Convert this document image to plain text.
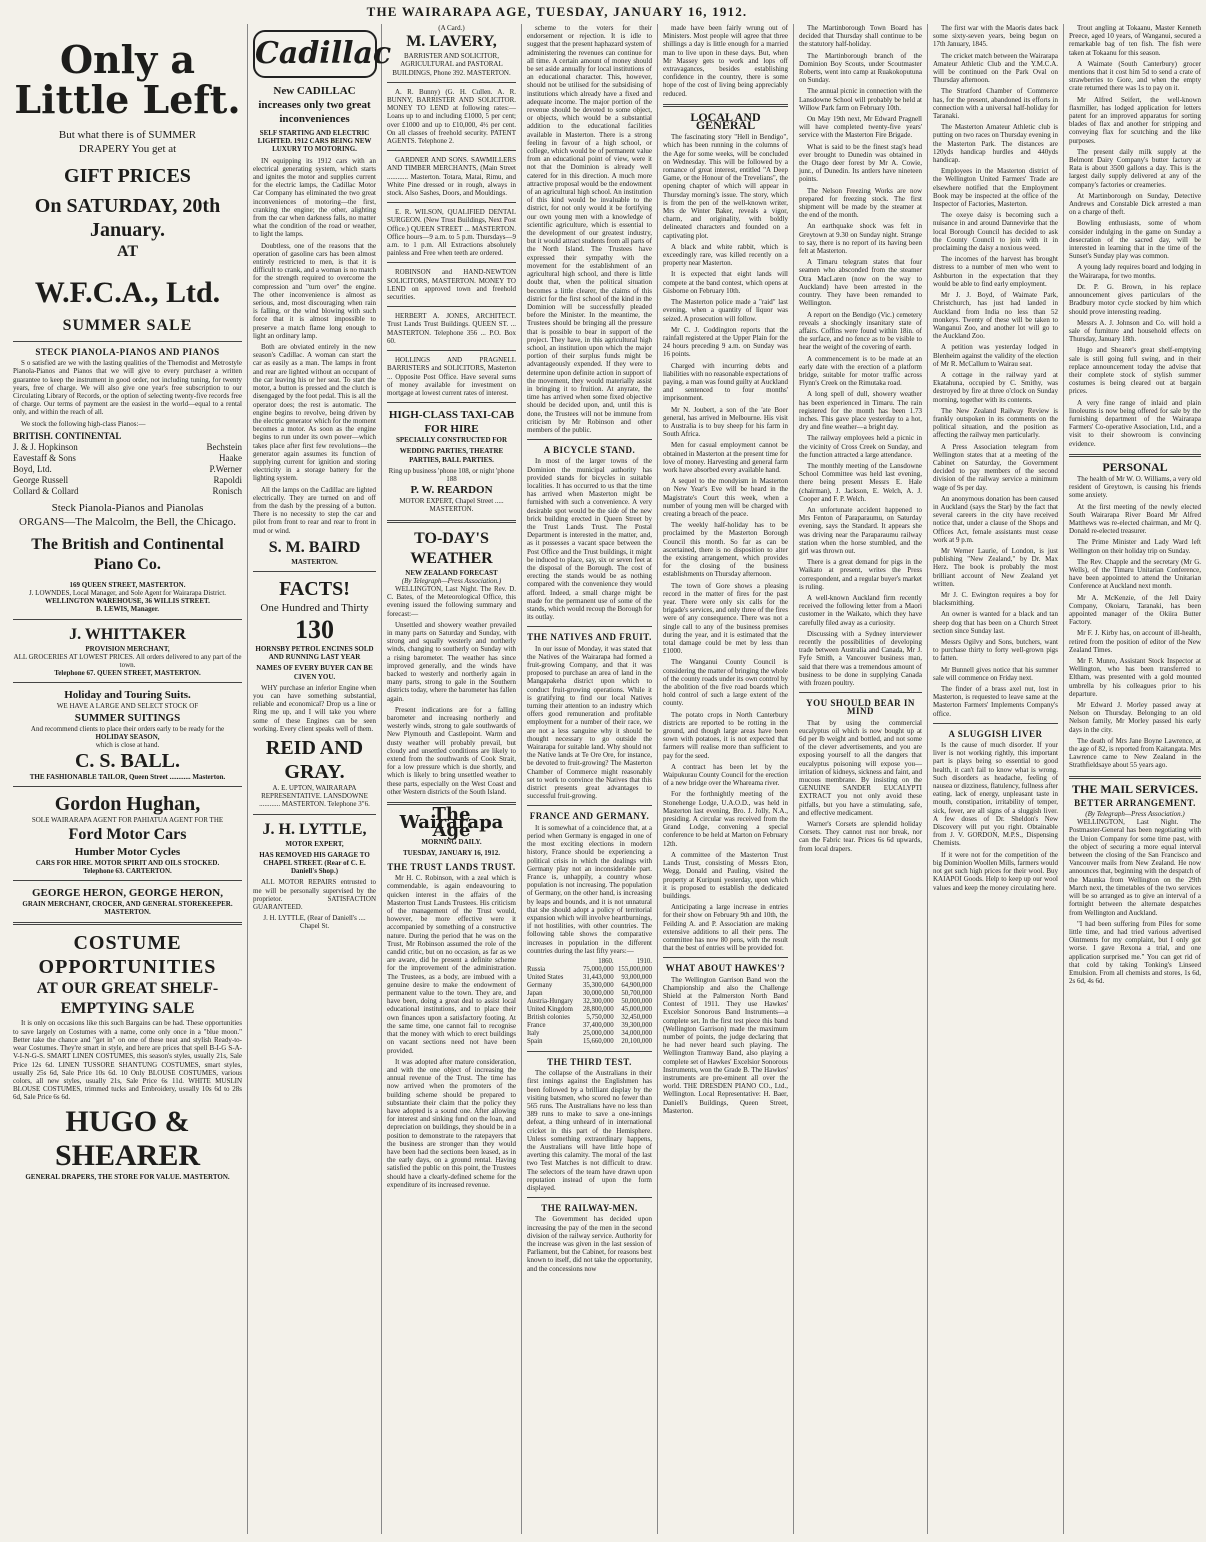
THE WAIRARAPA AGE, TUESDAY, JANUARY 16, 1912.
Only a Little Left.
But what there is of SUMMER
DRAPERY You get at
GIFT PRICES
On SATURDAY, 20th January.
AT
W.F.C.A., Ltd.
SUMMER SALE
STECK PIANOLA-PIANOS AND PIANOS

S o satisfied are we with the lasting qualities of the Themodist and Metrostyle Pianola-Pianos and Pianos that we will give to every purchaser a written guarantee to keep the instrument in good order, not including tuning, for twenty years, free of charge. We will also give one year's free subscription to our Circulating Library of Records, or the option of selecting twenty-five records free of charge. Our terms of payment are the easiest in the world—equal to a rental only, and within the reach of all.

We stock the following high-class Pianos:—

BRITISH. CONTINENTAL
J. & J. Hopkinson	Bechstein
Eavestaff & Sons	Haake
Boyd, Ltd.	P.Werner
George Russell	Rapoldi
Collard & Collard	Ronisch
Steck Pianola-Pianos and Pianolas
ORGANS—The Malcolm, the Bell, the Chicago.
The British and Continental Piano Co.
169 QUEEN STREET, MASTERTON.
J. LOWNDES, Local Manager, and Sole Agent for Wairarapa District.
WELLINGTON WAREHOUSE, 36 WILLIS STREET.
B. LEWIS, Manager.
J. WHITTAKER
PROVISION MERCHANT,
ALL GROCERIES AT LOWEST PRICES. All orders delivered to any part of the town.
Telephone 67. QUEEN STREET, MASTERTON.
Holiday and Touring Suits.
WE HAVE A LARGE AND SELECT STOCK OF
SUMMER SUITINGS
And recommend clients to place their orders early to be ready for the
HOLIDAY SEASON,
which is close at hand.
C. S. BALL.
THE FASHIONABLE TAILOR, Queen Street ............ Masterton.
Gordon Hughan,
SOLE WAIRARAPA AGENT FOR PAHIATUA AGENT FOR THE
Ford Motor Cars
Humber Motor Cycles
CARS FOR HIRE. MOTOR SPIRIT AND OILS STOCKED.
Telephone 63. CARTERTON.
GEORGE HERON, GEORGE HERON,
GRAIN MERCHANT, CROCER, AND GENERAL STOREKEEPER.
MASTERTON.
COSTUME OPPORTUNITIES
AT OUR GREAT SHELF-EMPTYING SALE

It is only on occasions like this such Bargains can be had. These opportunities to save largely on Costumes with a name, come only once in a "blue moon." Better take the chance and "get in" on one of these neat and stylish Ready-to-wear Costumes. They're smart in style, and here are prices that spell B-I-G S-A-V-I-N-G-S. SMART LINEN COSTUMES, this season's styles, usually 21s, Sale Price 12s 6d. LINEN TUSSORE SHANTUNG COSTUMES, smart styles, usually 25s 6d, Sale Price 10s 6d. 10 Only BLOUSE COSTUMES, various colors, all new styles, usually 21s, Sale Price 6s 11d. WHITE MUSLIN BLOUSE COSTUMES, trimmed tucks and Embroidery, usually 10s 6d to 28s 6d, Sale Price 6s 6d.

HUGO & SHEARER
GENERAL DRAPERS, THE STORE FOR VALUE. MASTERTON.
Cadillac
New CADILLAC increases only two great inconveniences
SELF STARTING AND ELECTRIC LIGHTED. 1912 CARS BEING NEW LUXURY TO MOTORING.

IN equipping its 1912 cars with an electrical generating system, which starts and ignites the motor and supplies current for the electric lamps, the Cadillac Motor Car Company has eliminated the two great inconveniences of motoring—the first, cranking the engine; the other, alighting from the car when darkness falls, no matter what the condition of the road or weather, to light the lamps.

Doubtless, one of the reasons that the operation of gasoline cars has been almost entirely restricted to men, is that it is difficult to crank, and a woman is no match for the strength required to overcome the compression and "turn over" the engine. The other inconvenience is almost as serious, and, most discouraging when rain is falling, or the wind blowing with such force that it is almost impossible to preserve a match flame long enough to light an ordinary lamp.

Both are obviated entirely in the new season's Cadillac. A woman can start the car as easily as a man. The lamps in front and rear are lighted without an occupant of the car leaving his or her seat. To start the motor, a button is pressed and the clutch is disengaged by the foot pedal. This is all the operator does; the rest is automatic. The engine begins to revolve, being driven by the electric generator which for the moment becomes a motor. As soon as the engine begins to run under its own power—which takes place after first few revolutions—the generator again assumes its function of supplying current for ignition and storing electricity in a storage battery for the lighting system.

All the lamps on the Cadillac are lighted electrically. They are turned on and off from the dash by the pressing of a button. There is no necessity to step the car and pilot from front to rear and rear to front in mud or wind.

S. M. BAIRD
MASTERTON.
FACTS!
One Hundred and Thirty
130
HORNSBY PETROL ENCINES SOLD AND RUNNING LAST YEAR
NAMES OF EVERY BUYER CAN BE CIVEN YOU.

WHY purchase an inferior Engine when you can have something substantial, reliable and economical? Drop us a line or Ring me up, and I will take you where some of these Engines can be seen working. Every client speaks well of them.

REID AND GRAY.
A. E. UPTON, WAIRARAPA REPRESENTATIVE. LANSDOWNE ............ MASTERTON. Telephone 3"6.
J. H. LYTTLE,
MOTOR EXPERT,
HAS REMOVED HIS GARAGE TO CHAPEL STREET. (Rear of C. E. Daniell's Shop.)

ALL MOTOR REPAIRS entrusted to me will be personally supervised by the proprietor. SATISFACTION GUARANTEED.

J. H. LYTTLE, (Rear of Daniell's .... Chapel St.
(A Card.)
M. LAVERY,
BARRISTER AND SOLICITOR, AGRICULTURAL and PASTORAL BUILDINGS, Phone 392. MASTERTON.

A. R. Bunny) (G. H. Cullen. A. R. BUNNY, BARRISTER AND SOLICITOR. MONEY TO LEND at following rates:—Loans up to and including £1000, 5 per cent; over £1000 and up to £10,000, 4½ per cent. On all classes of freehold security. PATENT AGENTS. Telephone 2.

GARDNER AND SONS. SAWMILLERS AND TIMBER MERCHANTS, (Main Street ............ Masterton. Totara, Matai, Rimu, and White Pine dressed or in rough, always in stock. Also Sashes, Doors, and Mouldings.

E. R. WILSON, QUALIFIED DENTAL SURGEON. (New Trust Buildings, Next Post Office.) QUEEN STREET ... MASTERTON. Office hours—9 a.m. to 5 p.m. Thursdays—9 a.m. to 1 p.m. All Extractions absolutely painless and Free when teeth are ordered.

ROBINSON and HAND-NEWTON SOLICITORS, MASTERTON. MONEY TO LEND on approved town and freehold securities.

HERBERT A. JONES, ARCHITECT. Trust Lands Trust Buildings. QUEEN ST. ... MASTERTON. Telephone 356 ... P.O. Box 60.

HOLLINGS AND PRAGNELL BARRISTERS and SOLICITORS, Masterton ... Opposite Post Office. Have several sums of money available for investment on mortgage at lowest current rates of interest.

HIGH-CLASS TAXI-CAB FOR HIRE
SPECIALLY CONSTRUCTED FOR
WEDDING PARTIES, THEATRE PARTIES, BALL PARTIES.
Ring up business 'phone 108, or night 'phone 188
P. W. REARDON
MOTOR EXPERT, Chapel Street ..... MASTERTON.
TO-DAY'S WEATHER
NEW ZEALAND FORECAST
(By Telegraph—Press Association.)

WELLINGTON, Last Night. The Rev. D. C. Bates, of the Meteorological Office, this evening issued the following summary and forecast:—

Unsettled and showery weather prevailed in many parts on Saturday and Sunday, with strong and squally westerly and northerly winds, changing to southerly on Sunday with a rising barometer. The weather has since improved generally, and the winds have backed to westerly and northerly again in many parts, strong to gale in the Southern districts today, where the barometer has fallen again.

Present indications are for a falling barometer and increasing northerly and westerly winds, strong to gale southwards of New Plymouth and Castlepoint. Warm and dusty weather will probably prevail, but cloudy and unsettled conditions are likely to extend from the southwards of Cook Strait, for a low pressure which is due shortly, and which is likely to bring unsettled weather to these parts, especially on the West Coast and other Western districts of the South Island.

The Wairarapa Age
MORNING DAILY.
TUESDAY, JANUARY 16, 1912.
THE TRUST LANDS TRUST.

Mr H. C. Robinson, with a zeal which is commendable, is again endeavouring to quicken interest in the affairs of the Masterton Trust Lands Trustees. His criticism of the management of the Trust would, however, be more effective were it accompanied by something of a constructive nature. During the period that he was on the Trust, Mr Robinson assumed the role of the candid critic, but on no occasion, as far as we are aware, did he present a definite scheme for the improvement of the administration. The Trustees, as a body, are imbued with a genuine desire to make the endowment of permanent value to the town. They are, and have been, doing a great deal to assist local educational institutions, and to place their own finances upon a satisfactory footing. At the same time, one cannot fail to recognise that the money with which to erect buildings on vacant sections need not have been provided.

It was adopted after mature consideration, and with the one object of increasing the annual revenue of the Trust. The time has now arrived when the promoters of the building scheme should be prepared to substantiate their claim that the policy they have adopted is a sound one. After allowing for interest and sinking fund on the loan, and depreciation on buildings, they should be in a position to demonstrate to the ratepayers that the business are stronger than they would have been had the sections been leased, as in the early days, on a ground rental. Having satisfied the public on this point, the Trustees should have a clearly-defined scheme for the expenditure of its increased revenue.

scheme to the voters for their endorsement or rejection. It is idle to suggest that the present haphazard system of administering the revenues can continue for all time. A certain amount of money should be set aside annually for local institutions of an educational character. This, however, should not be utilised for the subsidising of institutions which already have a fixed and adequate income. The major portion of the revenue should be devoted to some object, or objects, which would be a substantial addition to the educational facilities available in Masterton. There is a strong feeling in favour of a high school, or college, which would be of permanent value from an educational point of view, were it not that the Dominion is already well catered for in this direction. A much more attractive proposal would be the endowment of an agricultural high school. An institution of this kind would be invaluable to the district, for not only would it be fortifying our own young men with a knowledge of scientific agriculture, which is essential to the development of our greatest industry, but it would attract students from all parts of the North Island. The Trustees have expressed their sympathy with the movement for the establishment of an agricultural high school, and there is little doubt that, when the political situation becomes a little clearer, the claims of this district for the first school of the kind in the Dominion will be successfully pleaded before the Minister. In the meantime, the Trustees should be bringing all the pressure that is possible to bear in support of the project. They have, in this agricultural high school, an institution upon which the major portion of their surplus funds might be advantageously expended. If they were to determine upon definite action in support of the movement, they would materially assist in bringing it to fruition. At anyrate, the time has arrived when some fixed objective should be decided upon, and, until this is done, the Trustees will not be immune from criticism by Mr Robinson and other members of the public.

A BICYCLE STAND.

In most of the larger towns of the Dominion the municipal authority has provided stands for bicycles in suitable localities. It has occurred to us that the time has arrived when Masterton might be furnished with such a convenience. A very desirable spot would be the side of the new brick building erected in Queen Street by the Trust Lands Trust. The Postal Department is interested in the matter, and, as it possesses a vacant space between the Post Office and the Trust buildings, it might be induced to place, say, six or seven feet at the disposal of the Borough. The cost of erecting the stands would be as nothing compared with the convenience they would afford. Indeed, a small charge might be made for the permanent use of some of the stands, which would recoup the Borough for its outlay.

THE NATIVES AND FRUIT.

In our issue of Monday, it was stated that the Natives of the Wairarapa had formed a fruit-growing Company, and that it was proposed to purchase an area of land in the Mangapakeha district upon which to conduct fruit-growing operations. While it is gratifying to find our local Natives turning their attention to an industry which offers good remuneration and profitable employment for a number of their race, we are not a less sanguine why it should be thought necessary to go outside the Wairarapa for suitable land. Why should not the Native lands at Te Ore Ore, for instance, be devoted to fruit-growing? The Masterton Chamber of Commerce might reasonably set to work to convince the Natives that this district presents great advantages to successful fruit-growing.

FRANCE AND GERMANY.

It is somewhat of a coincidence that, at a period when Germany is engaged in one of the most exciting elections in modern history, France should be experiencing a political crisis in which the dealings with Germany play not an inconsiderable part. France is, unhappily, a country whose population is not increasing. The population of Germany, on the other hand, is increasing by leaps and bounds, and it is not unnatural that she should adopt a policy of territorial expansion which will involve heartburnings, if not hostilities, with other countries. The following table shows the comparative increases in population in the different countries during the last fifty years:—

	1860.	1910.
Russia	75,000,000	155,000,000
United States	31,443,000	93,000,000
Germany	35,300,000	64,900,000
Japan	30,000,000	50,700,000
Austria-Hungary	32,300,000	50,000,000
United Kingdom	28,800,000	45,000,000
British colonies	5,750,000	32,450,000
France	37,400,000	39,300,000
Italy	25,000,000	34,000,000
Spain	15,660,000	20,100,000
THE THIRD TEST.

The collapse of the Australians in their first innings against the Englishmen has been followed by a brilliant display by the visiting batsmen, who scored no fewer than 565 runs. The Australians have no less than 389 runs to make to save a one-innings defeat, a thing unheard of in international cricket in this part of the Hemisphere. Unless something extraordinary happens, the Australians will have little hope of averting this calamity. The moral of the last two Test Matches is not difficult to draw. The selectors of the team have drawn upon reputation instead of upon the form displayed.

THE RAILWAY-MEN.

The Government has decided upon increasing the pay of the men in the second division of the railway service. Authority for the increase was given in the last session of Parliament, but the Cabinet, for reasons best known to itself, did not take the opportunity, and the concessions now

made have been fairly wrung out of Ministers. Most people will agree that three shillings a day is little enough for a married man to live upon in these days. But, when Mr Massey gets to work and lops off extravagances, besides establishing confidence in the country, there is some hope of the cost of living being appreciably reduced.

LOCAL AND GENERAL

The fascinating story "Hell in Bendigo", which has been running in the columns of the Age for some weeks, will be concluded on Wednesday. This will be followed by a romance of great interest, entitled "A Deep Game, or the Honour of the Trevelians", the opening chapter of which will appear in Thursday morning's issue. The story, which is from the pen of the well-known writer, Mrs de Winter Baker, reveals a vigor, charm, and originality, with boldly delineated characters and founded on a captivating plot.

A black and white rabbit, which is exceedingly rare, was killed recently on a property near Masterton.

It is expected that eight lands will compete at the band contest, which opens at Gisborne on February 10th.

The Masterton police made a "raid" last evening, when a quantity of liquor was seized. A prosecution will follow.

Mr C. J. Coddington reports that the rainfall registered at the Upper Plain for the 24 hours preceding 9 a.m. on Sunday was 16 points.

Charged with incurring debts and liabilities with no reasonable expectations of paying, a man was found guilty at Auckland and sentenced to four months' imprisonment.

Mr N. Joubert, a son of the 'ate Boer general, has arrived in Melbourne. His visit to Australia is to buy sheep for his farm in South Africa.

Men for casual employment cannot be obtained in Masterton at the present time for love of money. Harvesting and general farm work have absorbed every available hand.

A sequel to the mondyism in Masterton on New Year's Eve will be heard in the Magistrate's Court this week, when a number of young men will be charged with creating a breach of the peace.

The weekly half-holiday has to be proclaimed by the Masterton Borough Council this month. So far as can be ascertained, there is no disposition to alter the existing arrangement, which provides for the closing of the business establishments on Thursday afternoon.

The town of Gore shows a pleasing record in the matter of fires for the past year. There were only six calls for the brigade's services, and only three of the fires were of any consequence. There was not a single call to any of the business premises during the year, and it is estimated that the total damage could be met by less than £1000.

The Wanganui County Council is considering the matter of bringing the whole of the county roads under its own control by the abolition of the five road boards which hold control of such a large extent of the county.

The potato crops in North Canterbury districts are reported to be rotting in the ground, and though large areas have been sown with potatoes, it is not expected that farmers will realise more than sufficient to pay for the seed.

A contract has been let by the Waipukurau County Council for the erection of a new bridge over the Whareama river.

For the forthnightly meeting of the Stonehenge Lodge, U.A.O.D., was held in Masterton last evening, Bro. J. Jolly, N.A., presiding. A circular was received from the Grand Lodge, convening a special conference to be held at Marton on February 12th.

A committee of the Masterton Trust Lands Trust, consisting of Messrs Eton, Wegg, Donald and Pauling, visited the property at Kuripuni yesterday, upon which it is proposed to establish the dedicated buildings.

Anticipating a large increase in entries for their show on February 9th and 10th, the Feilding A. and P. Association are making extensive additions to all their pens. The committee has now 80 pens, with the result that the best of entries will be provided for.

WHAT ABOUT HAWKES'?

The Wellington Garrison Band won the Championship and also the Challenge Shield at the Palmerston North Band Contest of 1911. They use Hawkes' Excelsior Sonorous Band Instruments—a complete set. In the first test piece this band (Wellington Garrison) made the maximum number of points, the judge declaring that he had never heard such playing. The Wellington Tramway Band, also playing a complete set of Hawkes' Excelsior Sonorous Instruments, won the Grade B. The Hawkes' instruments are pre-eminent all over the world. THE DRESDEN PIANO CO., Ltd., Wellington. Local Representative: H. Baer, Daniell's Buildings, Queen Street, Masterton.

The Martinborough Town Board has decided that Thursday shall continue to be the statutory half-holiday.

The Martinborough branch of the Dominion Boy Scouts, under Scoutmaster Roberts, went into camp at Ruakokoputuna on Sunday.

The annual picnic in connection with the Lansdowne School will probably be held at Willow Park farm on February 10th.

On May 19th next, Mr Edward Pragnell will have completed twenty-five years' service with the Masterton Fire Brigade.

What is said to be the finest stag's head ever brought to Dunedin was obtained in the Otago deer forest by Mr A. Cowie, junr., of Dunedin. Its antlers have nineteen points.

The Nelson Freezing Works are now prepared for freezing stock. The first shipment will be made by the steamer at the end of the month.

An earthquake shock was felt in Greytown at 9.30 on Sunday night. Strange to say, there is no report of its having been felt at Masterton.

A Timaru telegram states that four seamen who absconded from the steamer Otra MacLaren (now on the way to Auckland) have been arrested in the country. They have been remanded to Wellington.

A report on the Bendigo (Vic.) cemetery reveals a shockingly insanitary state of affairs. Coffins were found within 18in. of the surface, and no fence as to be visible to hear the weight of the covering of earth.

A commencement is to be made at an early date with the erection of a platform bridge, suitable for motor traffic across Flynn's Creek on the Rimutaka road.

A long spell of dull, showery weather has been experienced in Timaru. The rain registered for the month has been 1.73 inches. This gave place yesterday to a hot, dry and fine weather—a bright day.

The railway employees held a picnic in the vicinity of Cross Creek on Sunday, and the function attracted a large attendance.

The monthly meeting of the Lansdowne School Committee was held last evening, there being present Messrs E. Hale (chairman), J. Jackson, E. Welch, A. J. Cooper and F. P. Welch.

An unfortunate accident happened to Mrs Fenton of Paraparaumu, on Saturday evening, says the Standard. It appears she was driving near the Paraparaumu railway station when the horse stumbled, and the girl was thrown out.

There is a great demand for pigs in the Waikato at present, writes the Press correspondent, and a regular buyer's market is ruling.

A well-known Auckland firm recently received the following letter from a Maori customer in the Waikato, which they have carefully filed away as a curiosity.

Discussing with a Sydney interviewer recently the possibilities of developing trade between Australia and Canada, Mr J. Fyfe Smith, a Vancouver business man, said that there was a tremendous amount of business to be done in supplying Canada with frozen poultry.

YOU SHOULD BEAR IN MIND

That by using the commercial eucalyptus oil which is now bought up at 6d per lb weight and bottled, and not some of the clever advertisements, and you are exposing yourself to all the dangers that eucalyptus poisoning will expose you—irritation of kidneys, sickness and faint, and mucous membrane. By insisting on the GENUINE SANDER EUCALYPTI EXTRACT you not only avoid these pitfalls, but you have a stimulating, safe, and effective medicament.

Warner's Corsets are splendid holiday Corsets. They cannot rust nor break, nor can the Fabric tear. Prices 6s 6d upwards, from local drapers.

The first war with the Maoris dates back some sixty-seven years, being begun on 17th January, 1845.

The cricket match between the Wairarapa Amateur Athletic Club and the Y.M.C.A. will be continued on the Park Oval on Thursday afternoon.

The Stratford Chamber of Commerce has, for the present, abandoned its efforts in connection with a universal half-holiday for Taranaki.

The Masterton Amateur Athletic club is putting on two races on Thursday evening in the Masterton Park. The distances are 120yds handicap hurdles and 440yds handicap.

Employees in the Masterton district of the Wellington United Farmers' Trade are elsewhere notified that the Employment Book may be inspected at the office of the Inspector of Factories, Masterton.

The oxeye daisy is becoming such a nuisance in and around Dannevirke that the local Borough Council has decided to ask the County Council to join with it in proclaiming the daisy a noxious weed.

The incomes of the harvest has brought distress to a number of men who went to Ashburton in the expectation that they would be able to find early employment.

Mr J. J. Boyd, of Waimate Park, Christchurch, has just had landed in Auckland from India no less than 52 monkeys. Twenty of these will be taken to Wanganui Zoo, and another lot will go to the Auckland Zoo.

A petition was yesterday lodged in Blenheim against the validity of the election of Mr R. McCallum to Wairau seat.

A cottage in the railway yard at Ekatahuna, occupied by C. Smithy, was destroyed by fire at three o'clock on Sunday morning, together with its contents.

The New Zealand Railway Review is frankly outspoken in its comments on the political situation, and the position as affecting the railway men particularly.

A Press Association telegram from Wellington states that at a meeting of the Cabinet on Saturday, the Government decided to pay members of the second division of the railway service a minimum wage of 9s per day.

An anonymous donation has been caused in Auckland (says the Star) by the fact that several careers in the city have received notice that, under a clause of the Shops and Offices Act, female assistants must cease work at 9 p.m.

Mr Werner Laurie, of London, is just publishing "New Zealand," by Dr. Max Herz. The book is probably the most brilliant account of New Zealand yet written.

Mr J. C. Ewington requires a boy for blacksmithing.

An owner is wanted for a black and tan sheep dog that has been on a Church Street section since Sunday last.

Messrs Ogilvy and Sons, butchers, want to purchase thirty to forty well-grown pigs to fatten.

Mr Bunnell gives notice that his summer sale will commence on Friday next.

The finder of a brass axel nut, lost in Masterton, is requested to leave same at the Masterton Farmers' Implements Company's office.

A SLUGGISH LIVER

Is the cause of much disorder. If your liver is not working rightly, this important part is plays being so essential to good health, it can't fail to know what is wrong. Such disorders as headache, feeling of nausea or dizziness, flatulency, fullness after eating, lack of energy, unpleasant taste in mouth, constipation, irritability of temper, sick, fever, are all signs of a sluggish liver. A few doses of Dr. Sheldon's New Discovery will put you right. Obtainable from J. V. GORDON, M.P.S., Dispensing Chemists.

If it were not for the competition of the big Dominion Woollen Mills, farmers would not get such high prices for their wool. Buy KAIAPOI Goods. Help to keep up our wool values and keep the money circulating here.

Trout angling at Tokaanu, Master Kenneth Preece, aged 10 years, of Wanganui, secured a remarkable bag of ten fish. The fish were taken at Tokaanu for this season.

A Waimate (South Canterbury) grocer mentions that it cost him 5d to send a crate of strawberries to Gore, and when the empty crate returned there was 1s to pay on it.

Mr Alfred Seifert, the well-known flaxmiller, has lodged application for letters patent for an improved apparatus for sorting blades of flax and another for stripping and conveying flax for scutching and the like purposes.

The present daily milk supply at the Belmont Dairy Company's butter factory at Rata is about 3500 gallons a day. This is the largest daily supply delivered at any of the company's factories or creameries.

At Martinborough on Sunday, Detective Andrews and Constable Dick arrested a man on a charge of theft.

Bowling enthusiasts, some of whom consider indulging in the game on Sunday a desecration of the sacred day, will be interested in learning that in the time of the Sunset's Sunday play was common.

A young lady requires board and lodging in the Wairarapa, for two months.

Dr. P. G. Brown, in his replace announcement gives particulars of the Bradbury motor cycle stocked by him which should prove interesting reading.

Messrs A. J. Johnson and Co. will hold a sale of furniture and household effects on Thursday, January 18th.

Hugo and Shearer's great shelf-emptying sale is still going full swing, and in their replace announcement today the advise that their complete stock of stylish summer costumes is being cleared out at bargain prices.

A very fine range of inlaid and plain linoleums is now being offered for sale by the furnishing department of the Wairarapa Farmers' Co-operative Association, Ltd., and a visit to their showroom is convincing evidence.

PERSONAL

The health of Mr W. O. Williams, a very old resident of Greytown, is causing his friends some anxiety.

At the first meeting of the newly elected South Wairarapa River Board Mr Alfred Matthews was re-elected chairman, and Mr Q. Donald re-elected treasurer.

The Prime Minister and Lady Ward left Wellington on their holiday trip on Sunday.

The Rev. Chapple and the secretary (Mr G. Wells), of the Timaru Unitarian Conference, have been appointed to attend the Unitarian Conference at Auckland next month.

Mr A. McKenzie, of the Jell Dairy Company, Okoiaru, Taranaki, has been appointed manager of the Okiira Butter Factory.

Mr F. J. Kirby has, on account of ill-health, retired from the position of editor of the New Zealand Times.

Mr F. Munro, Assistant Stock Inspector at Wellington, who has been transferred to Eltham, was presented with a gold mounted umbrella by his colleagues prior to his departure.

Mr Edward J. Morley passed away at Nelson on Thursday. Belonging to an old Nelson family, Mr Morley passed his early days in the city.

The death of Mrs Jane Boyne Lawrence, at the age of 82, is reported from Kaitangata. Mrs Lawrence came to New Zealand in the Strathfieldsaye about 55 years ago.

THE MAIL SERVICES.
BETTER ARRANGEMENT.
(By Telegraph—Press Association.)

WELLINGTON, Last Night. The Postmaster-General has been negotiating with the Union Company for some time past, with the object of securing a more equal interval between the closing of the San Francisco and Vancouver mails from New Zealand. He now announces that, beginning with the despatch of the Maunka from Wellington on the 29th March next, the timetables of the two services will be so arranged as to give an interval of a fortnight between the alternate despatches from Wellington and Auckland.

"I had been suffering from Piles for some little time, and had tried various advertised Ointments for my complaint, but I only got worse. I gave Rexona a trial, and one application surprised me." You can get rid of that cold by taking Tonking's Linseed Emulsion. From all chemists and stores, 1s 6d, 2s 6d, 4s 6d.
